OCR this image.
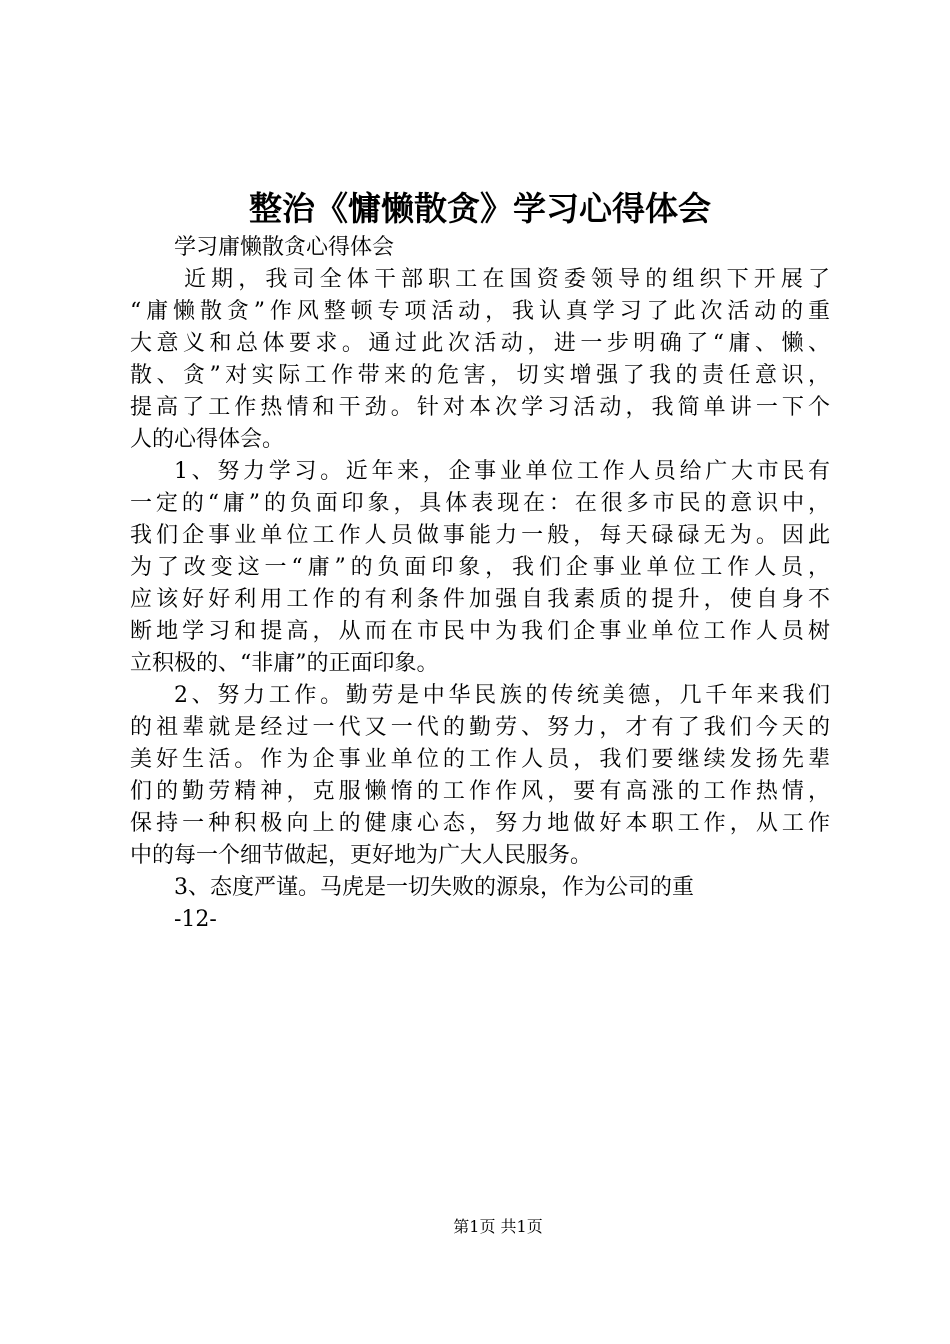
整治《慵懒散贪》学习心得体会
学习庸懒散贪心得体会
近期，我司全体干部职工在国资委领导的组织下开展了
“庸懒散贪”作风整顿专项活动，我认真学习了此次活动的重
大意义和总体要求。通过此次活动，进一步明确了“庸、懒、
散、贪”对实际工作带来的危害，切实增强了我的责任意识，
提高了工作热情和干劲。针对本次学习活动，我简单讲一下个
人的心得体会。
1、努力学习。近年来，企事业单位工作人员给广大市民有
一定的“庸”的负面印象，具体表现在：在很多市民的意识中，
我们企事业单位工作人员做事能力一般，每天碌碌无为。因此
为了改变这一“庸”的负面印象，我们企事业单位工作人员，
应该好好利用工作的有利条件加强自我素质的提升，使自身不
断地学习和提高，从而在市民中为我们企事业单位工作人员树
立积极的、“非庸”的正面印象。
2、努力工作。勤劳是中华民族的传统美德，几千年来我们
的祖辈就是经过一代又一代的勤劳、努力，才有了我们今天的
美好生活。作为企事业单位的工作人员，我们要继续发扬先辈
们的勤劳精神，克服懒惰的工作作风，要有高涨的工作热情，
保持一种积极向上的健康心态，努力地做好本职工作，从工作
中的每一个细节做起，更好地为广大人民服务。
3、态度严谨。马虎是一切失败的源泉，作为公司的重
-12-
第1页 共1页
